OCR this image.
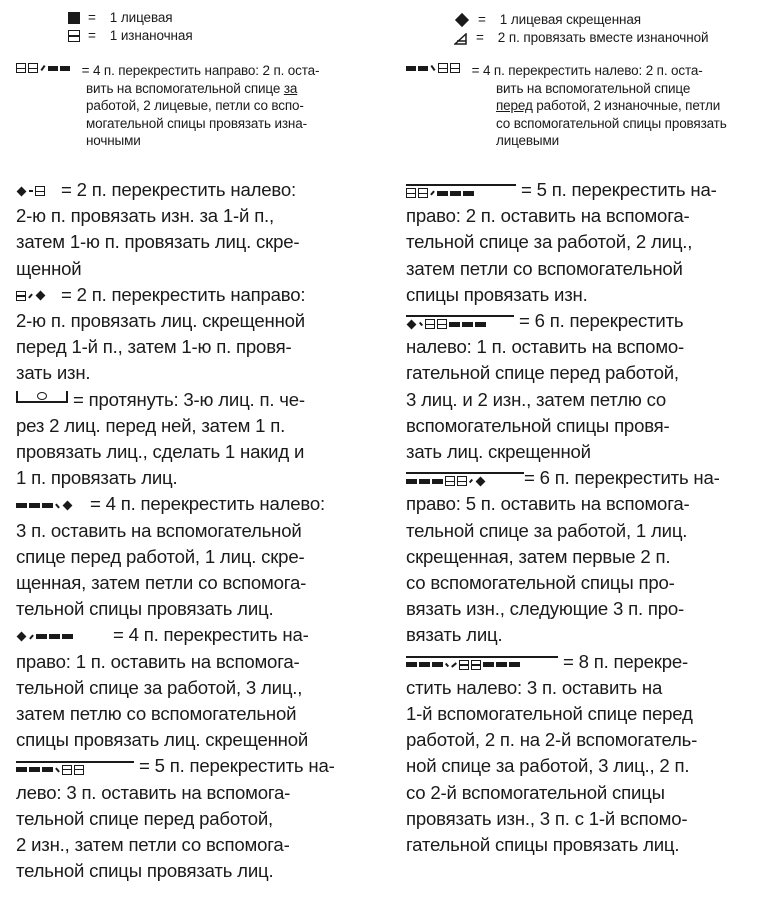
= 1 лицевая
= 1 изнаночная
= 4 п. перекрестить направо: 2 п. оста-
вить на вспомогательной спице за
работой, 2 лицевые, петли со вспо-
могательной спицы провязать изна-
ночными
= 2 п. перекрестить налево:
2-ю п. провязать изн. за 1-й п.,
затем 1-ю п. провязать лиц. скре-
щенной
= 2 п. перекрестить направо:
2-ю п. провязать лиц. скрещенной
перед 1-й п., затем 1-ю п. провя-
зать изн.
= протянуть: 3-ю лиц. п. че-
рез 2 лиц. перед ней, затем 1 п.
провязать лиц., сделать 1 накид и
1 п. провязать лиц.
= 4 п. перекрестить налево:
3 п. оставить на вспомогательной
спице перед работой, 1 лиц. скре-
щенная, затем петли со вспомога-
тельной спицы провязать лиц.
= 4 п. перекрестить на-
право: 1 п. оставить на вспомога-
тельной спице за работой, 3 лиц.,
затем петлю со вспомогательной
спицы провязать лиц. скрещенной
= 5 п. перекрестить на-
лево: 3 п. оставить на вспомога-
тельной спице перед работой,
2 изн., затем петли со вспомога-
тельной спицы провязать лиц.
= 1 лицевая скрещенная
= 2 п. провязать вместе изнаночной
= 4 п. перекрестить налево: 2 п. оста-
вить на вспомогательной спице
перед работой, 2 изнаночные, петли
со вспомогательной спицы провязать
лицевыми
= 5 п. перекрестить на-
право: 2 п. оставить на вспомога-
тельной спице за работой, 2 лиц.,
затем петли со вспомогательной
спицы провязать изн.
= 6 п. перекрестить
налево: 1 п. оставить на вспомо-
гательной спице перед работой,
3 лиц. и 2 изн., затем петлю со
вспомогательной спицы провя-
зать лиц. скрещенной
= 6 п. перекрестить на-
право: 5 п. оставить на вспомога-
тельной спице за работой, 1 лиц.
скрещенная, затем первые 2 п.
со вспомогательной спицы про-
вязать изн., следующие 3 п. про-
вязать лиц.
= 8 п. перекре-
стить налево: 3 п. оставить на
1-й вспомогательной спице перед
работой, 2 п. на 2-й вспомогатель-
ной спице за работой, 3 лиц., 2 п.
со 2-й вспомогательной спицы
провязать изн., 3 п. с 1-й вспомо-
гательной спицы провязать лиц.
